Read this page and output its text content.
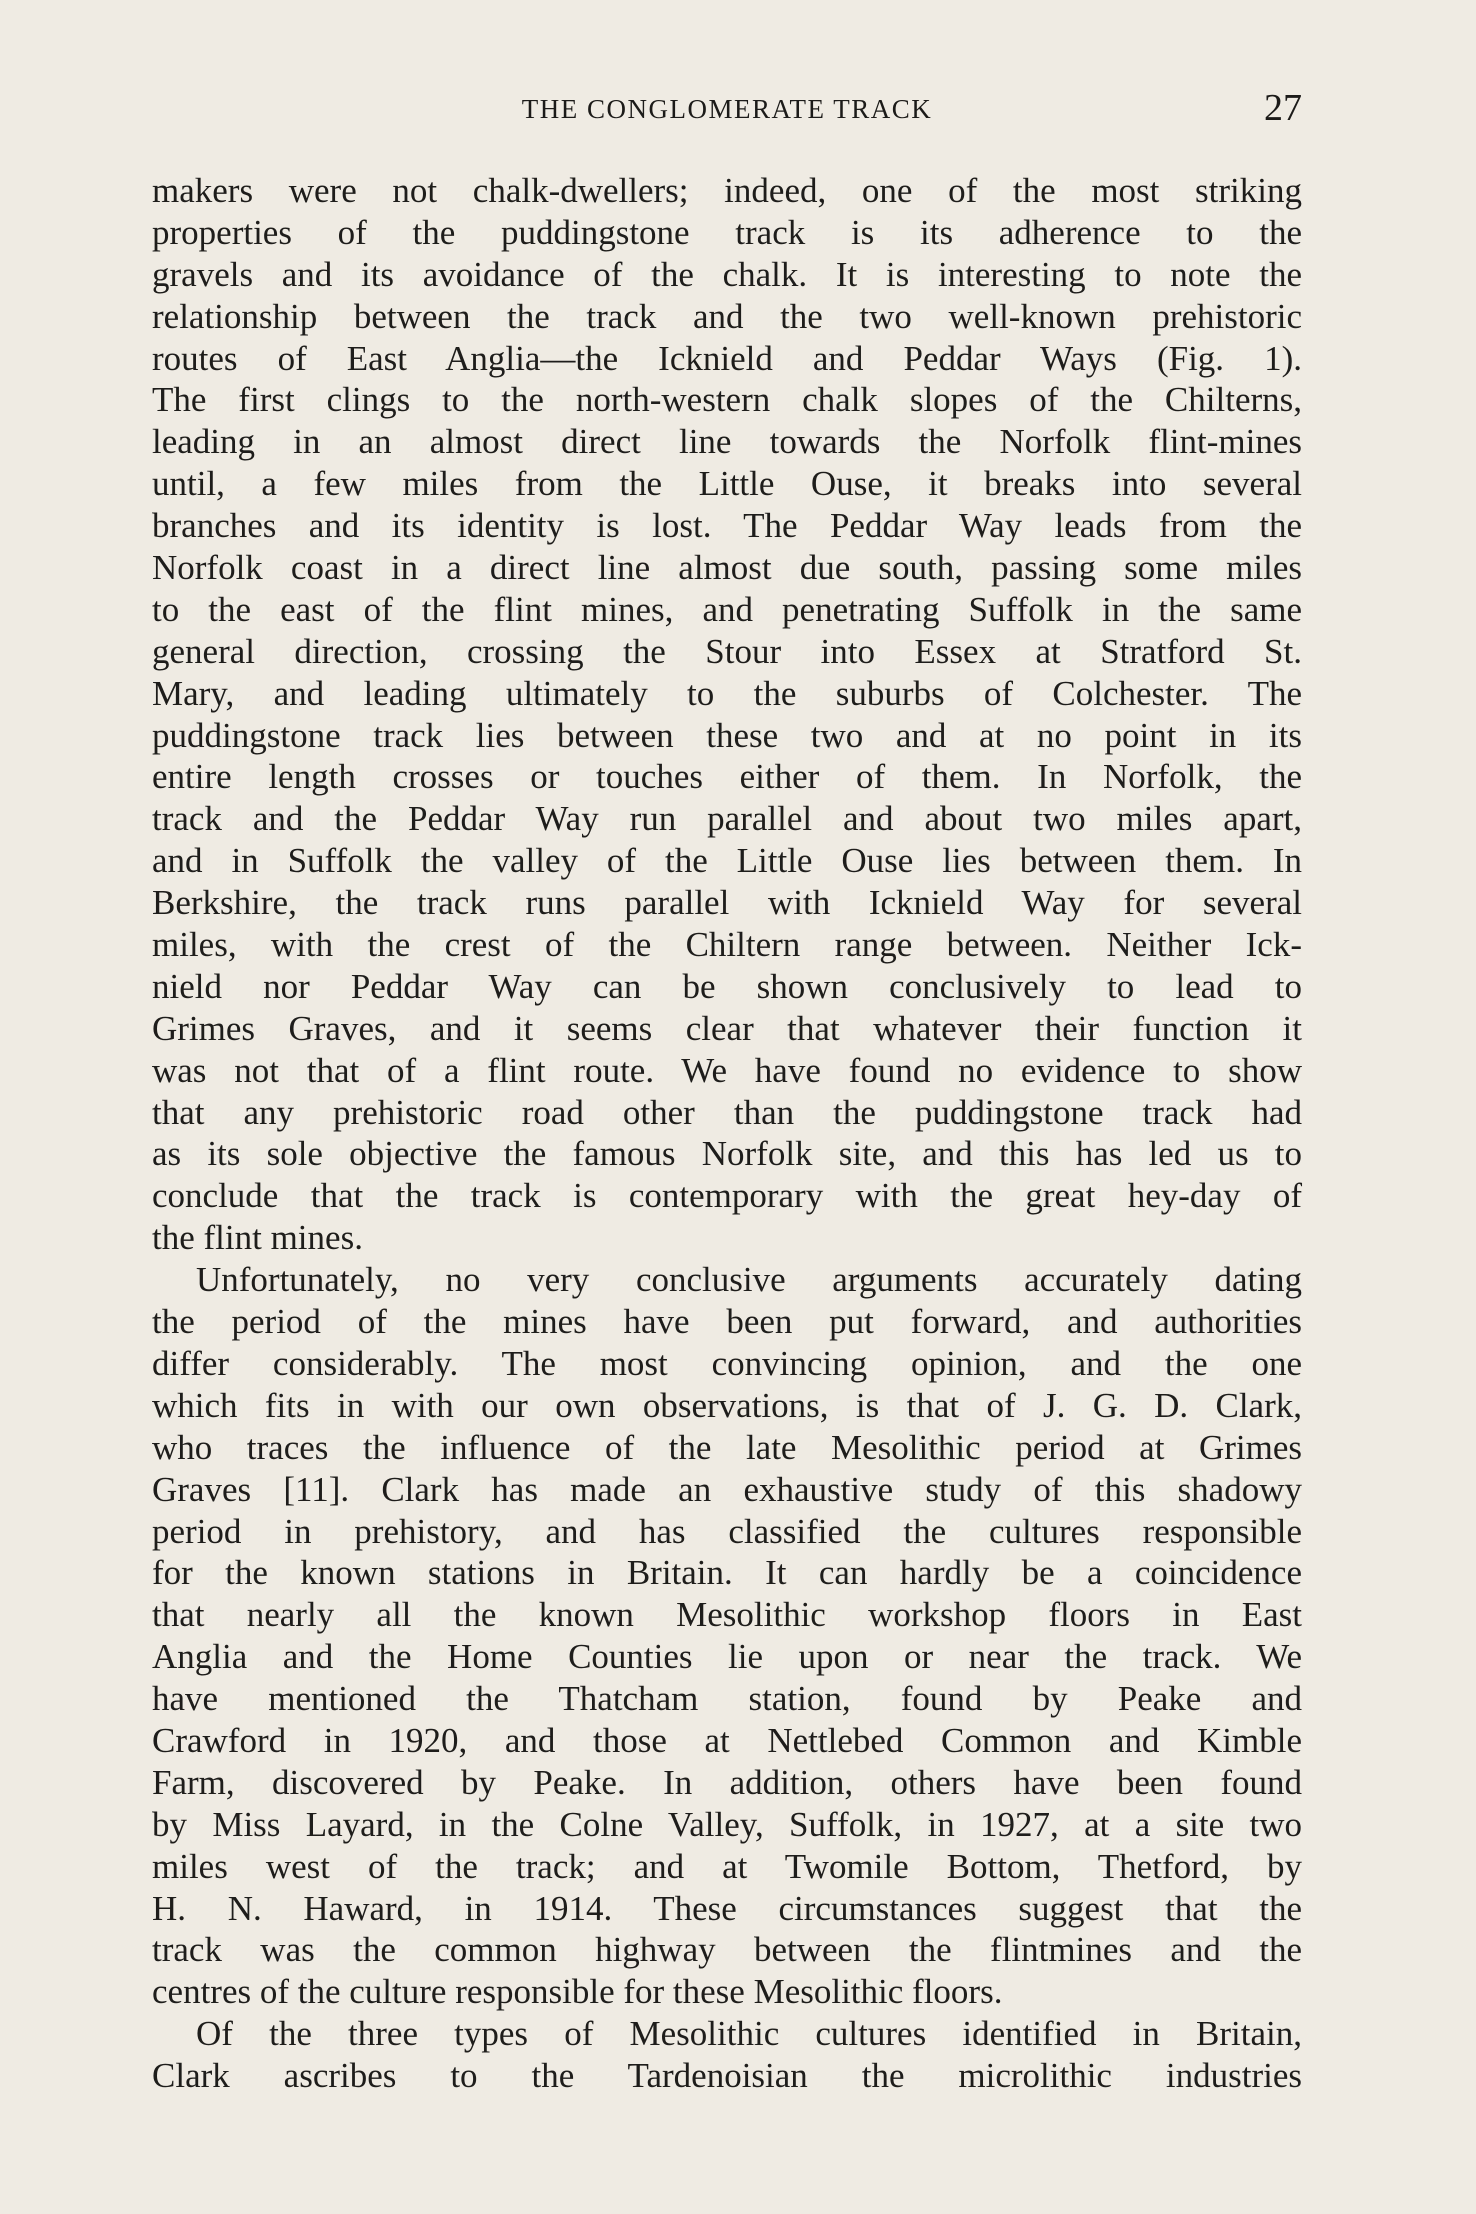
THE CONGLOMERATE TRACK	27
makers were not chalk-dwellers; indeed, one of the most striking
properties of the puddingstone track is its adherence to the
gravels and its avoidance of the chalk. It is interesting to note the
relationship between the track and the two well-known prehistoric
routes of East Anglia—the Icknield and Peddar Ways (Fig. 1).
The first clings to the north-western chalk slopes of the Chilterns,
leading in an almost direct line towards the Norfolk flint-mines
until, a few miles from the Little Ouse, it breaks into several
branches and its identity is lost. The Peddar Way leads from the
Norfolk coast in a direct line almost due south, passing some miles
to the east of the flint mines, and penetrating Suffolk in the same
general direction, crossing the Stour into Essex at Stratford St.
Mary, and leading ultimately to the suburbs of Colchester. The
puddingstone track lies between these two and at no point in its
entire length crosses or touches either of them. In Norfolk, the
track and the Peddar Way run parallel and about two miles apart,
and in Suffolk the valley of the Little Ouse lies between them. In
Berkshire, the track runs parallel with Icknield Way for several
miles, with the crest of the Chiltern range between. Neither Ick-
nield nor Peddar Way can be shown conclusively to lead to
Grimes Graves, and it seems clear that whatever their function it
was not that of a flint route. We have found no evidence to show
that any prehistoric road other than the puddingstone track had
as its sole objective the famous Norfolk site, and this has led us to
conclude that the track is contemporary with the great hey-day of
the flint mines.
Unfortunately, no very conclusive arguments accurately dating
the period of the mines have been put forward, and authorities
differ considerably. The most convincing opinion, and the one
which fits in with our own observations, is that of J. G. D. Clark,
who traces the influence of the late Mesolithic period at Grimes
Graves [11]. Clark has made an exhaustive study of this shadowy
period in prehistory, and has classified the cultures responsible
for the known stations in Britain. It can hardly be a coincidence
that nearly all the known Mesolithic workshop floors in East
Anglia and the Home Counties lie upon or near the track. We
have mentioned the Thatcham station, found by Peake and
Crawford in 1920, and those at Nettlebed Common and Kimble
Farm, discovered by Peake. In addition, others have been found
by Miss Layard, in the Colne Valley, Suffolk, in 1927, at a site two
miles west of the track; and at Twomile Bottom, Thetford, by
H. N. Haward, in 1914. These circumstances suggest that the
track was the common highway between the flintmines and the
centres of the culture responsible for these Mesolithic floors.
Of the three types of Mesolithic cultures identified in Britain,
Clark ascribes to the Tardenoisian the microlithic industries
